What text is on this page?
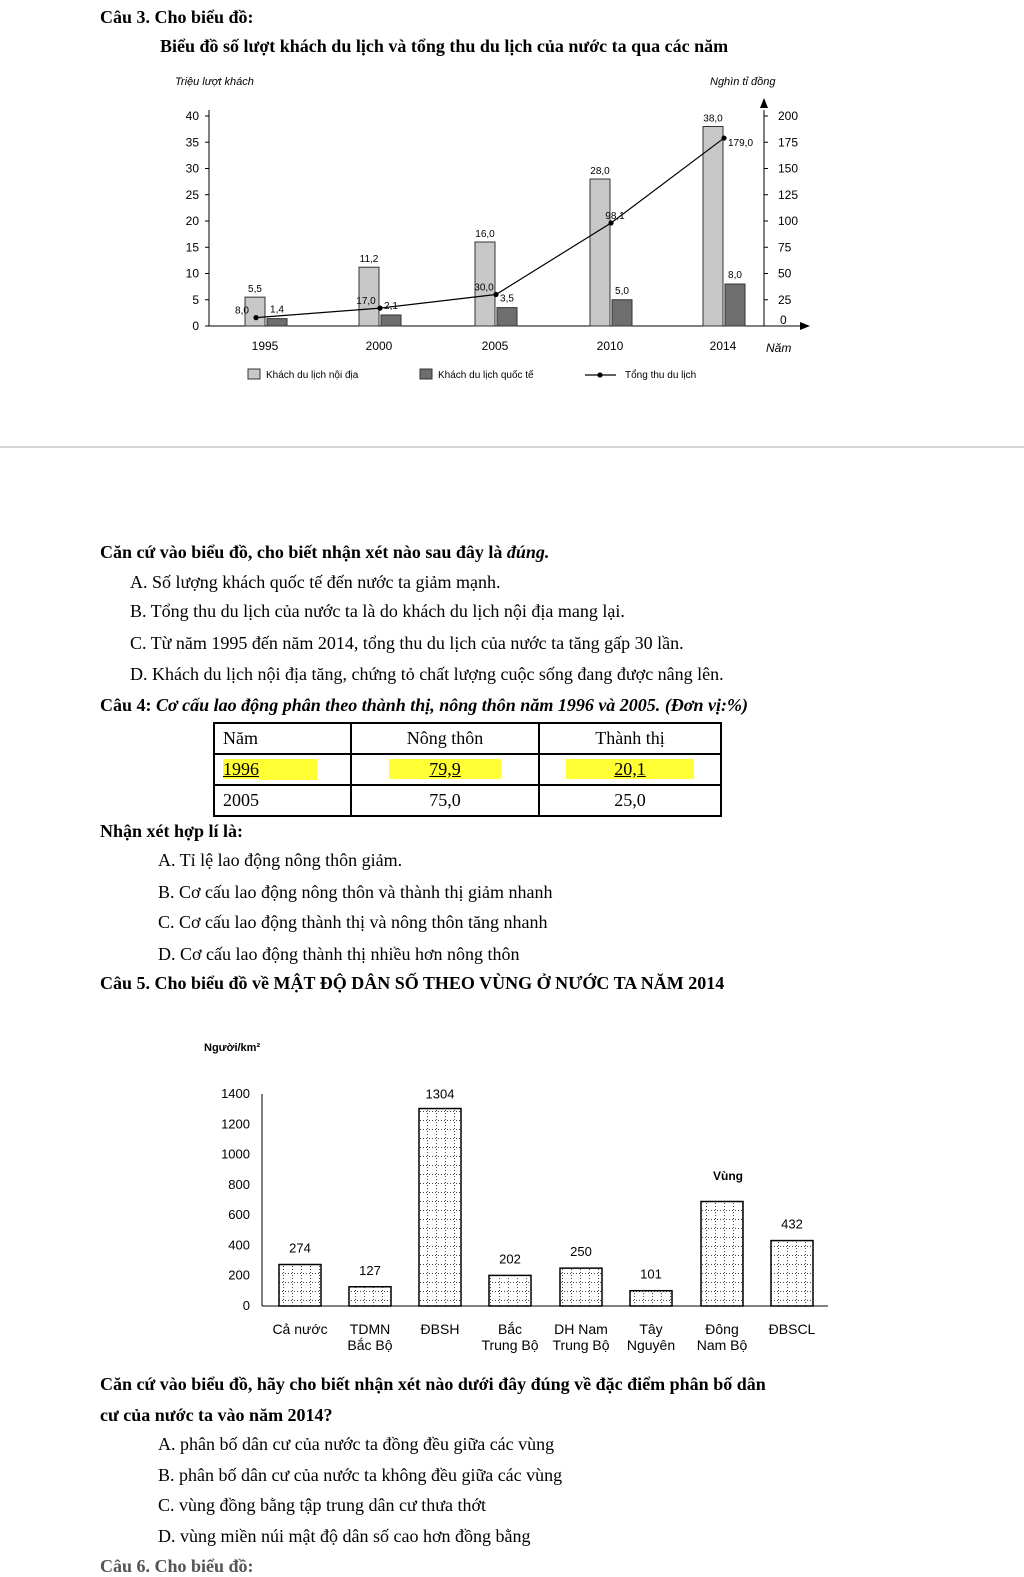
Câu 3. Cho biểu đồ:
Biểu đồ số lượt khách du lịch và tổng thu du lịch của nước ta qua các năm
Triệu lượt khách	Nghìn tỉ đồng
0
5
10
15
20
25
30
35
40
0
25
50
75
100
125
150
175
200
1995	2000	2005	2010	2014 Năm
5,5
1,4
11,2
2,1
16,0
3,5
28,0
5,0
38,0
8,0
8,0
17,0
30,0
98,1
179,0
Khách du lịch nội địa	Khách du lịch quốc tế	Tổng thu du lịch
Căn cứ vào biểu đồ, cho biết nhận xét nào sau đây là đúng.
A. Số lượng khách quốc tế đến nước ta giảm mạnh.
B. Tổng thu du lịch của nước ta là do khách du lịch nội địa mang lại.
C. Từ năm 1995 đến năm 2014, tổng thu du lịch của nước ta tăng gấp 30 lần.
D. Khách du lịch nội địa tăng, chứng tỏ chất lượng cuộc sống đang được nâng lên.
Câu 4: Cơ cấu lao động phân theo thành thị, nông thôn năm 1996 và 2005. (Đơn vị:%)
Năm	Nông thôn	Thành thị
1996	79,9	20,1
2005	75,0	25,0
Nhận xét hợp lí là:
A. Tỉ lệ lao động nông thôn giảm.
B. Cơ cấu lao động nông thôn và thành thị giảm nhanh
C. Cơ cấu lao động thành thị và nông thôn tăng nhanh
D. Cơ cấu lao động thành thị nhiều hơn nông thôn
Câu 5. Cho biểu đồ về MẬT ĐỘ DÂN SỐ THEO VÙNG Ở NƯỚC TA NĂM 2014
Người/km²
Vùng
0
200
400
600
800
1000
1200
1400
Cả nước TDMN
Bắc Bộ
ĐBSH	Bắc
Trung Bộ
DH Nam
Trung Bộ
Tây
Nguyên
Đông
Nam Bộ
ĐBSCL
274
127
1304
202	250
101
432
Căn cứ vào biểu đồ, hãy cho biết nhận xét nào dưới đây đúng về đặc điểm phân bố dân
cư của nước ta vào năm 2014?
A. phân bố dân cư của nước ta đồng đều giữa các vùng
B. phân bố dân cư của nước ta không đều giữa các vùng
C. vùng đồng bằng tập trung dân cư thưa thớt
D. vùng miền núi mật độ dân số cao hơn đồng bằng
Câu 6. Cho biểu đồ:
